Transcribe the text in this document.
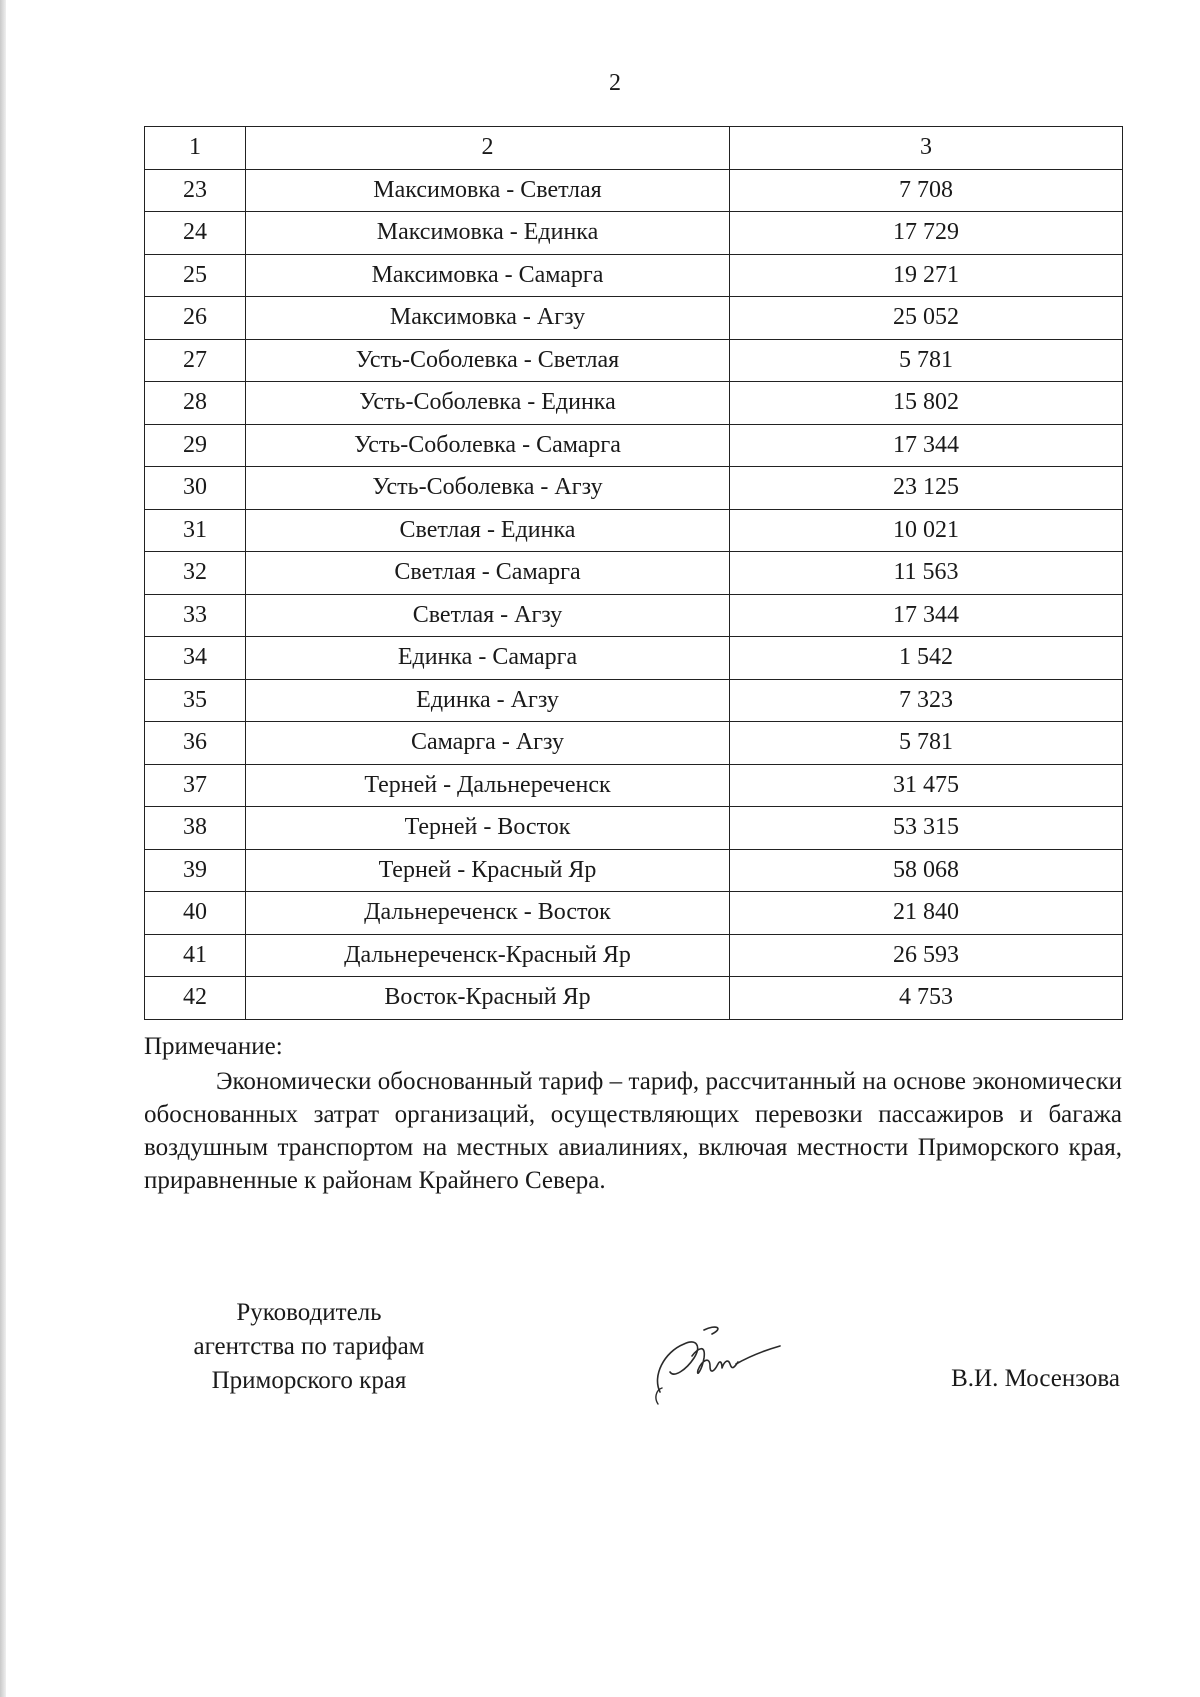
2
1	2	3
23	Максимовка - Светлая	7 708
24	Максимовка - Единка	17 729
25	Максимовка - Самарга	19 271
26	Максимовка - Агзу	25 052
27	Усть-Соболевка - Светлая	5 781
28	Усть-Соболевка - Единка	15 802
29	Усть-Соболевка - Самарга	17 344
30	Усть-Соболевка - Агзу	23 125
31	Светлая - Единка	10 021
32	Светлая - Самарга	11 563
33	Светлая - Агзу	17 344
34	Единка - Самарга	1 542
35	Единка - Агзу	7 323
36	Самарга - Агзу	5 781
37	Терней - Дальнереченск	31 475
38	Терней - Восток	53 315
39	Терней - Красный Яр	58 068
40	Дальнереченск - Восток	21 840
41	Дальнереченск-Красный Яр	26 593
42	Восток-Красный Яр	4 753

Примечание:

Экономически обоснованный тариф – тариф, рассчитанный на основе экономически обоснованных затрат организаций, осуществляющих перевозки пассажиров и багажа воздушным транспортом на местных авиалиниях, включая местности Приморского края, приравненные к районам Крайнего Севера.

Руководитель
агентства по тарифам
Приморского края	В.И. Мосензова
